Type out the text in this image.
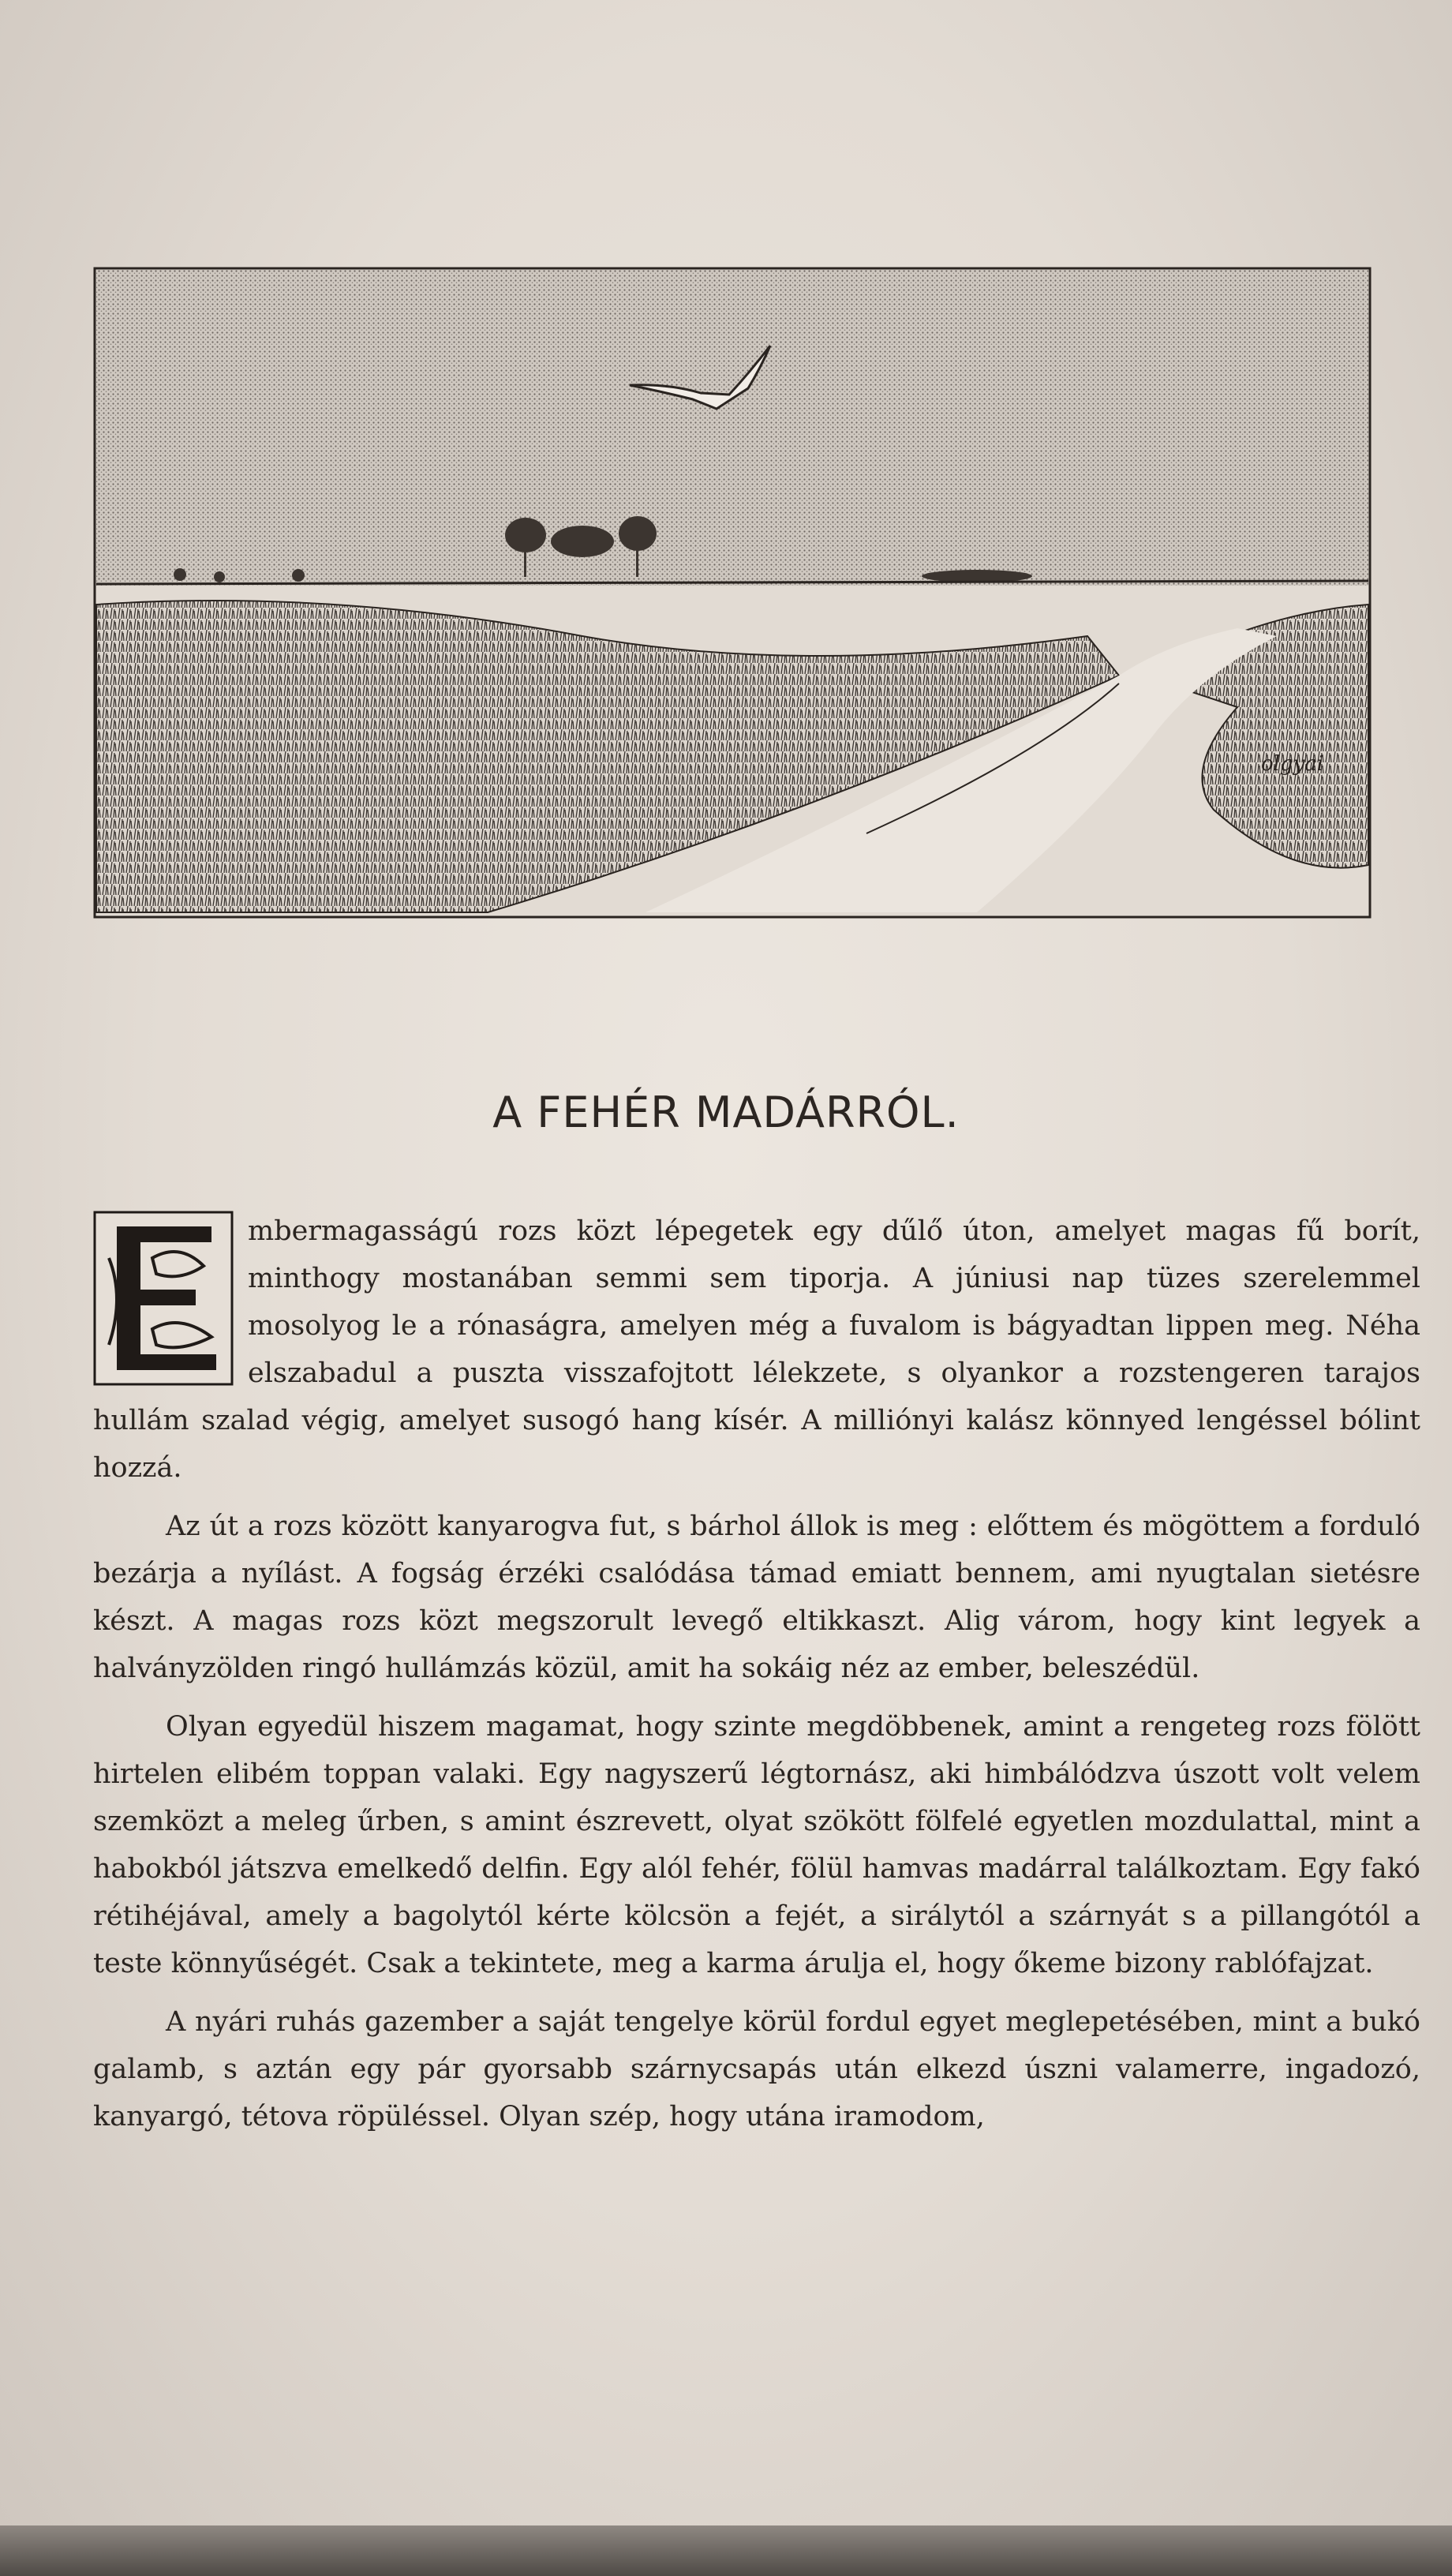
olgyai
A FEHÉR MADÁRRÓL.

mbermagasságú rozs közt lépegetek egy dűlő úton, amelyet magas fű borít, minthogy mostanában semmi sem tiporja. A júniusi nap tüzes szerelemmel mosolyog le a rónaságra, amelyen még a fuvalom is bágyadtan lippen meg. Néha elszabadul a puszta visszafojtott lélekzete, s olyankor a rozstengeren tarajos hullám szalad végig, amelyet susogó hang kísér. A milliónyi kalász könnyed lengéssel bólint hozzá.

Az út a rozs között kanyarogva fut, s bárhol állok is meg : előttem és mögöttem a forduló bezárja a nyílást. A fogság érzéki csalódása támad emiatt bennem, ami nyugtalan sietésre készt. A magas rozs közt megszorult levegő eltikkaszt. Alig várom, hogy kint legyek a halványzölden ringó hullámzás közül, amit ha sokáig néz az ember, beleszédül.

Olyan egyedül hiszem magamat, hogy szinte megdöbbenek, amint a rengeteg rozs fölött hirtelen elibém toppan valaki. Egy nagyszerű légtornász, aki himbálódzva úszott volt velem szemközt a meleg űrben, s amint észrevett, olyat szökött fölfelé egyetlen mozdulattal, mint a habokból játszva emelkedő delfin. Egy alól fehér, fölül hamvas madárral találkoztam. Egy fakó rétihéjával, amely a bagolytól kérte kölcsön a fejét, a sirálytól a szárnyát s a pillangótól a teste könnyűségét. Csak a tekintete, meg a karma árulja el, hogy őkeme bizony rablófajzat.

A nyári ruhás gazember a saját tengelye körül fordul egyet meglepetésében, mint a bukó galamb, s aztán egy pár gyorsabb szárnycsapás után elkezd úszni valamerre, ingadozó, kanyargó, tétova röpüléssel. Olyan szép, hogy utána iramodom,
